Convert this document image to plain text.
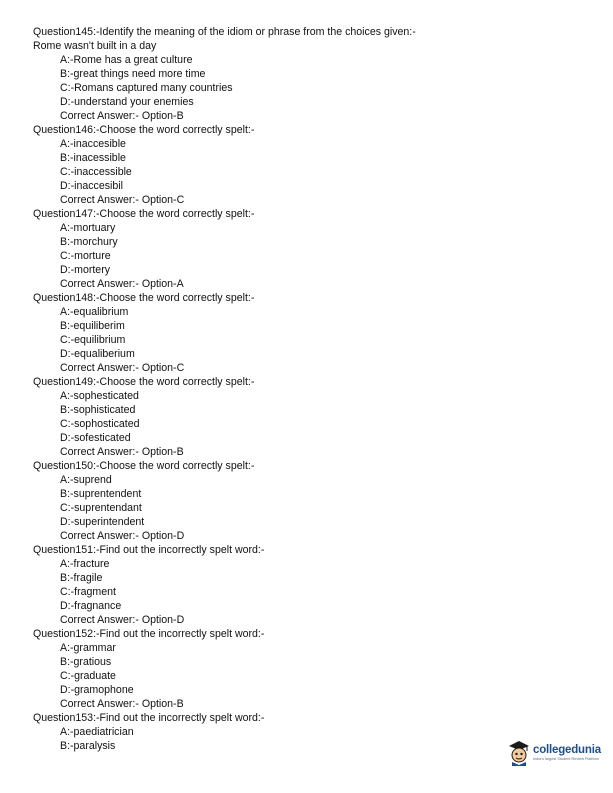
Question145:-Identify the meaning of the idiom or phrase from the choices given:-
Rome wasn't built in a day
A:-Rome has a great culture
B:-great things need more time
C:-Romans captured many countries
D:-understand your enemies
Correct Answer:- Option-B
Question146:-Choose the word correctly spelt:-
A:-inaccesible
B:-inacessible
C:-inaccessible
D:-inaccesibil
Correct Answer:- Option-C
Question147:-Choose the word correctly spelt:-
A:-mortuary
B:-morchury
C:-morture
D:-mortery
Correct Answer:- Option-A
Question148:-Choose the word correctly spelt:-
A:-equalibrium
B:-equiliberim
C:-equilibrium
D:-equaliberium
Correct Answer:- Option-C
Question149:-Choose the word correctly spelt:-
A:-sophesticated
B:-sophisticated
C:-sophosticated
D:-sofesticated
Correct Answer:- Option-B
Question150:-Choose the word correctly spelt:-
A:-suprend
B:-suprentendent
C:-suprentendant
D:-superintendent
Correct Answer:- Option-D
Question151:-Find out the incorrectly spelt word:-
A:-fracture
B:-fragile
C:-fragment
D:-fragnance
Correct Answer:- Option-D
Question152:-Find out the incorrectly spelt word:-
A:-grammar
B:-gratious
C:-graduate
D:-gramophone
Correct Answer:- Option-B
Question153:-Find out the incorrectly spelt word:-
A:-paediatrician
B:-paralysis	collegedunia
India's largest Student Review Platform
